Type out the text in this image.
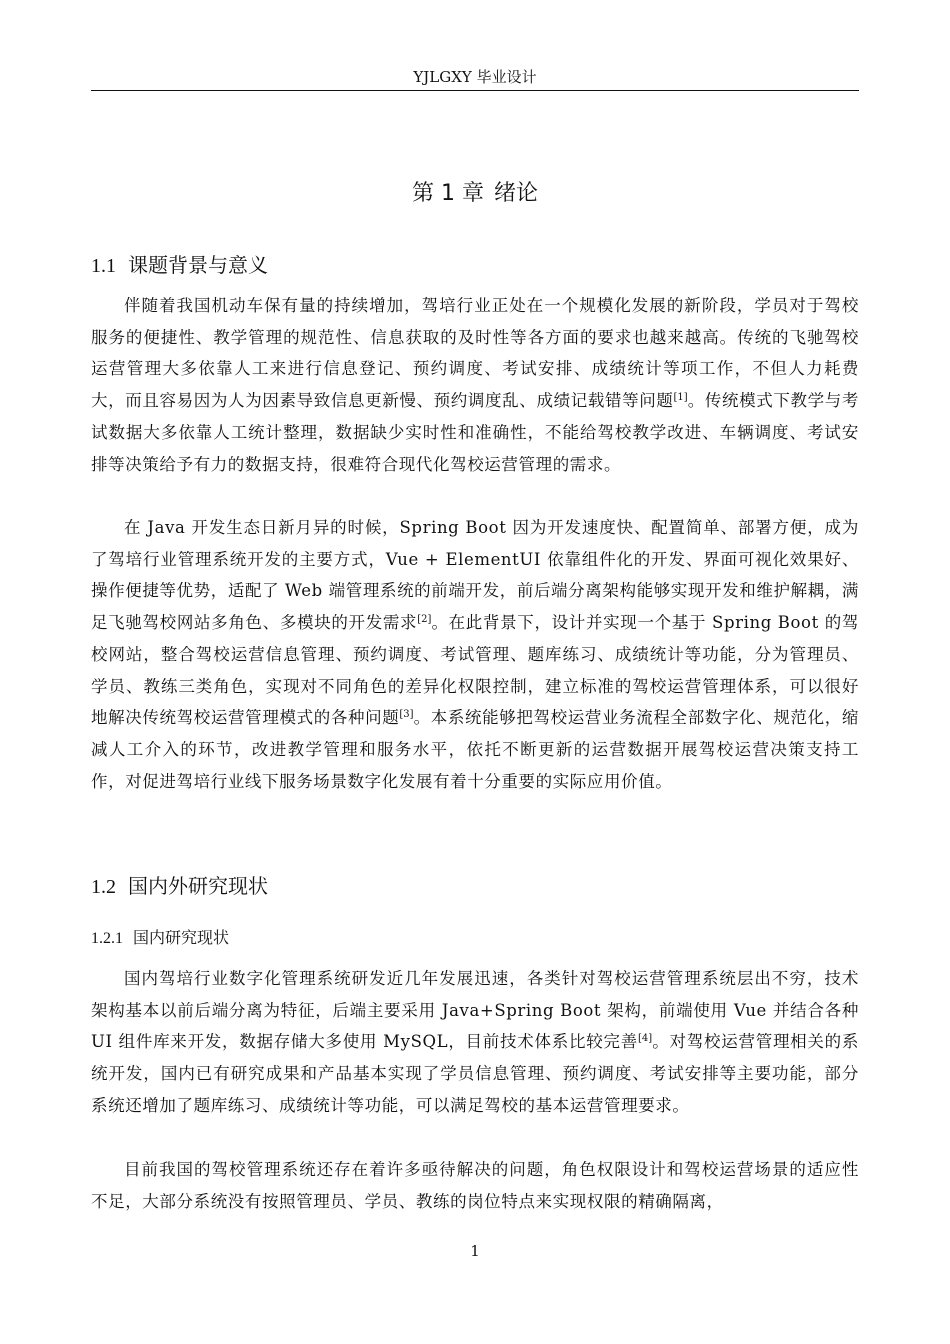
YJLGXY 毕业设计
第 1 章 绪论
1.1 课题背景与意义
伴随着我国机动车保有量的持续增加，驾培行业正处在一个规模化发展的新阶段，学员对于驾校服务的便捷性、教学管理的规范性、信息获取的及时性等各方面的要求也越来越高。传统的飞驰驾校运营管理大多依靠人工来进行信息登记、预约调度、考试安排、成绩统计等项工作，不但人力耗费大，而且容易因为人为因素导致信息更新慢、预约调度乱、成绩记载错等问题[1]。传统模式下教学与考试数据大多依靠人工统计整理，数据缺少实时性和准确性，不能给驾校教学改进、车辆调度、考试安排等决策给予有力的数据支持，很难符合现代化驾校运营管理的需求。
在 Java 开发生态日新月异的时候，Spring Boot 因为开发速度快、配置简单、部署方便，成为了驾培行业管理系统开发的主要方式，Vue + ElementUI 依靠组件化的开发、界面可视化效果好、操作便捷等优势，适配了 Web 端管理系统的前端开发，前后端分离架构能够实现开发和维护解耦，满足飞驰驾校网站多角色、多模块的开发需求[2]。在此背景下，设计并实现一个基于 Spring Boot 的驾校网站，整合驾校运营信息管理、预约调度、考试管理、题库练习、成绩统计等功能，分为管理员、学员、教练三类角色，实现对不同角色的差异化权限控制，建立标准的驾校运营管理体系，可以很好地解决传统驾校运营管理模式的各种问题[3]。本系统能够把驾校运营业务流程全部数字化、规范化，缩减人工介入的环节，改进教学管理和服务水平，依托不断更新的运营数据开展驾校运营决策支持工作，对促进驾培行业线下服务场景数字化发展有着十分重要的实际应用价值。
1.2 国内外研究现状
1.2.1 国内研究现状
国内驾培行业数字化管理系统研发近几年发展迅速，各类针对驾校运营管理系统层出不穷，技术架构基本以前后端分离为特征，后端主要采用 Java+Spring Boot 架构，前端使用 Vue 并结合各种 UI 组件库来开发，数据存储大多使用 MySQL，目前技术体系比较完善[4]。对驾校运营管理相关的系统开发，国内已有研究成果和产品基本实现了学员信息管理、预约调度、考试安排等主要功能，部分系统还增加了题库练习、成绩统计等功能，可以满足驾校的基本运营管理要求。
目前我国的驾校管理系统还存在着许多亟待解决的问题，角色权限设计和驾校运营场景的适应性不足，大部分系统没有按照管理员、学员、教练的岗位特点来实现权限的精确隔离，
1
